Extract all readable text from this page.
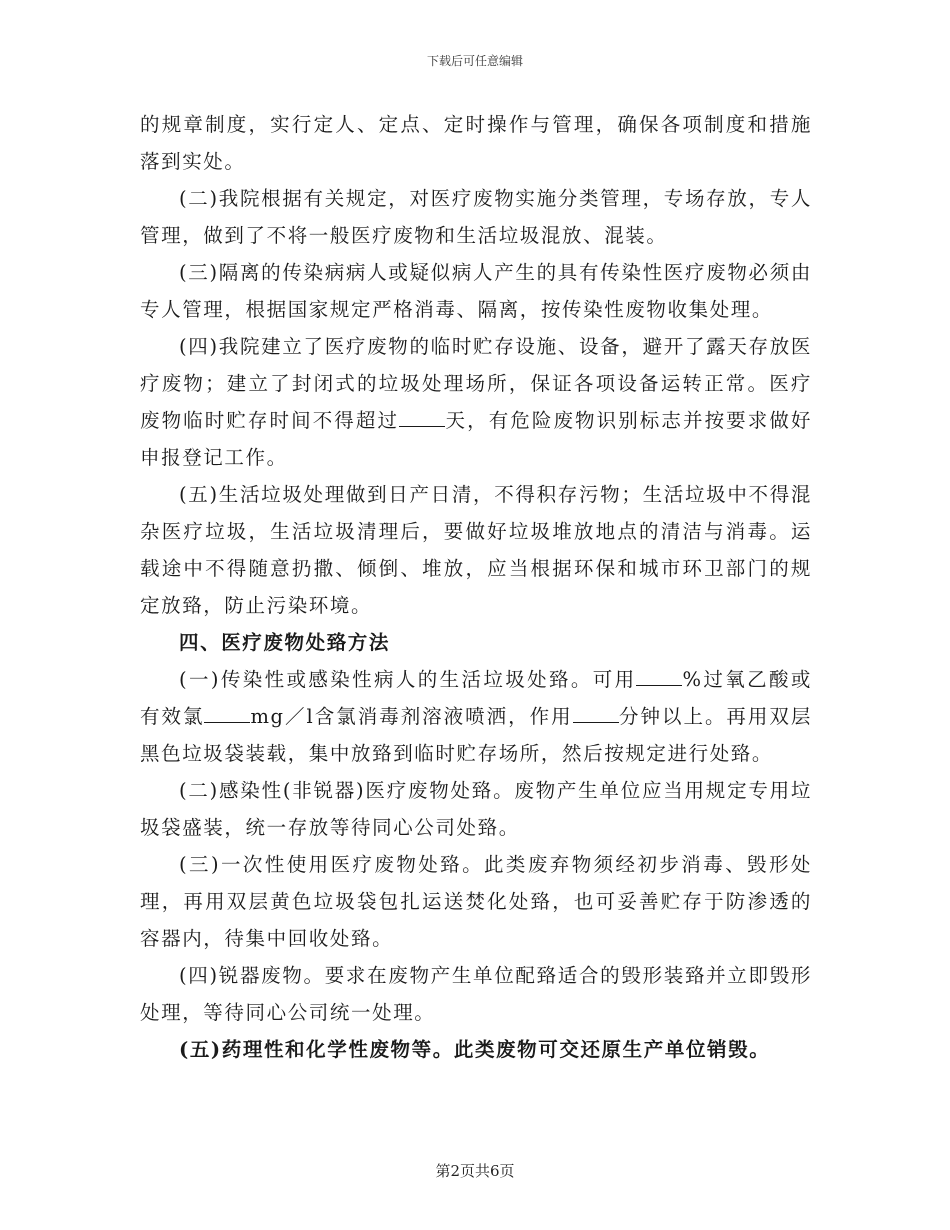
下载后可任意编辑

的规章制度，实行定人、定点、定时操作与管理，确保各项制度和措施落到实处。

(二)我院根据有关规定，对医疗废物实施分类管理，专场存放，专人管理，做到了不将一般医疗废物和生活垃圾混放、混装。

(三)隔离的传染病病人或疑似病人产生的具有传染性医疗废物必须由专人管理，根据国家规定严格消毒、隔离，按传染性废物收集处理。

(四)我院建立了医疗废物的临时贮存设施、设备，避开了露天存放医疗废物；建立了封闭式的垃圾处理场所，保证各项设备运转正常。医疗废物临时贮存时间不得超过 天，有危险废物识别标志并按要求做好申报登记工作。

(五)生活垃圾处理做到日产日清，不得积存污物；生活垃圾中不得混杂医疗垃圾，生活垃圾清理后，要做好垃圾堆放地点的清洁与消毒。运载途中不得随意扔撒、倾倒、堆放，应当根据环保和城市环卫部门的规定放臵，防止污染环境。

四、医疗废物处臵方法

(一)传染性或感染性病人的生活垃圾处臵。可用 %过氧乙酸或有效氯 mg／l含氯消毒剂溶液喷洒，作用 分钟以上。再用双层黑色垃圾袋装载，集中放臵到临时贮存场所，然后按规定进行处臵。

(二)感染性(非锐器)医疗废物处臵。废物产生单位应当用规定专用垃圾袋盛装，统一存放等待同心公司处臵。

(三)一次性使用医疗废物处臵。此类废弃物须经初步消毒、毁形处理，再用双层黄色垃圾袋包扎运送焚化处臵，也可妥善贮存于防渗透的容器内，待集中回收处臵。

(四)锐器废物。要求在废物产生单位配臵适合的毁形装臵并立即毁形处理，等待同心公司统一处理。

(五)药理性和化学性废物等。此类废物可交还原生产单位销毁。

第2页共6页
